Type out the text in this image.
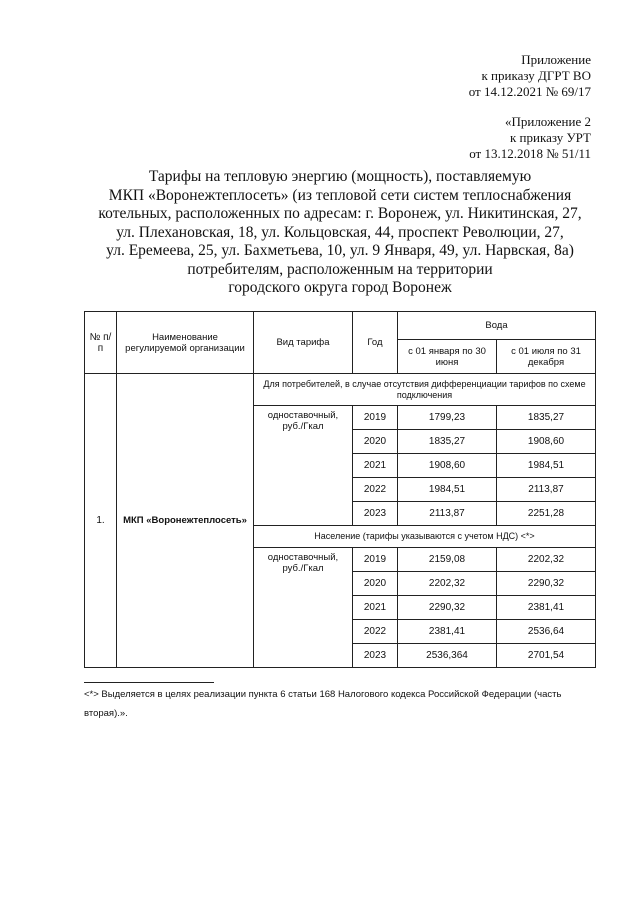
Приложение
к приказу ДГРТ ВО
от 14.12.2021 № 69/17
«Приложение 2
к приказу УРТ
от 13.12.2018 № 51/11
Тарифы на тепловую энергию (мощность), поставляемую
МКП «Воронежтеплосеть» (из тепловой сети систем теплоснабжения
котельных, расположенных по адресам: г. Воронеж, ул. Никитинская, 27,
ул. Плехановская, 18, ул. Кольцовская, 44, проспект Революции, 27,
ул. Еремеева, 25, ул. Бахметьева, 10, ул. 9 Января, 49, ул. Нарвская, 8а)
потребителям, расположенным на территории
городского округа город Воронеж
№ п/п	Наименование регулируемой организации	Вид тарифа	Год	Вода	
				с 01 января по 30 июня	с 01 июля по 31 декабря
1.	МКП «Воронежтеплосеть»	Для потребителей, в случае отсутствия дифференциации тарифов по схеме подключения			
		одноставочный, руб./Гкал	2019	1799,23	1835,27
			2020	1835,27	1908,60
			2021	1908,60	1984,51
			2022	1984,51	2113,87
			2023	2113,87	2251,28
		Население (тарифы указываются с учетом НДС) <*>			
		одноставочный, руб./Гкал	2019	2159,08	2202,32
			2020	2202,32	2290,32
			2021	2290,32	2381,41
			2022	2381,41	2536,64
			2023	2536,364	2701,54
<*> Выделяется в целях реализации пункта 6 статьи 168 Налогового кодекса Российской Федерации (часть вторая).».
